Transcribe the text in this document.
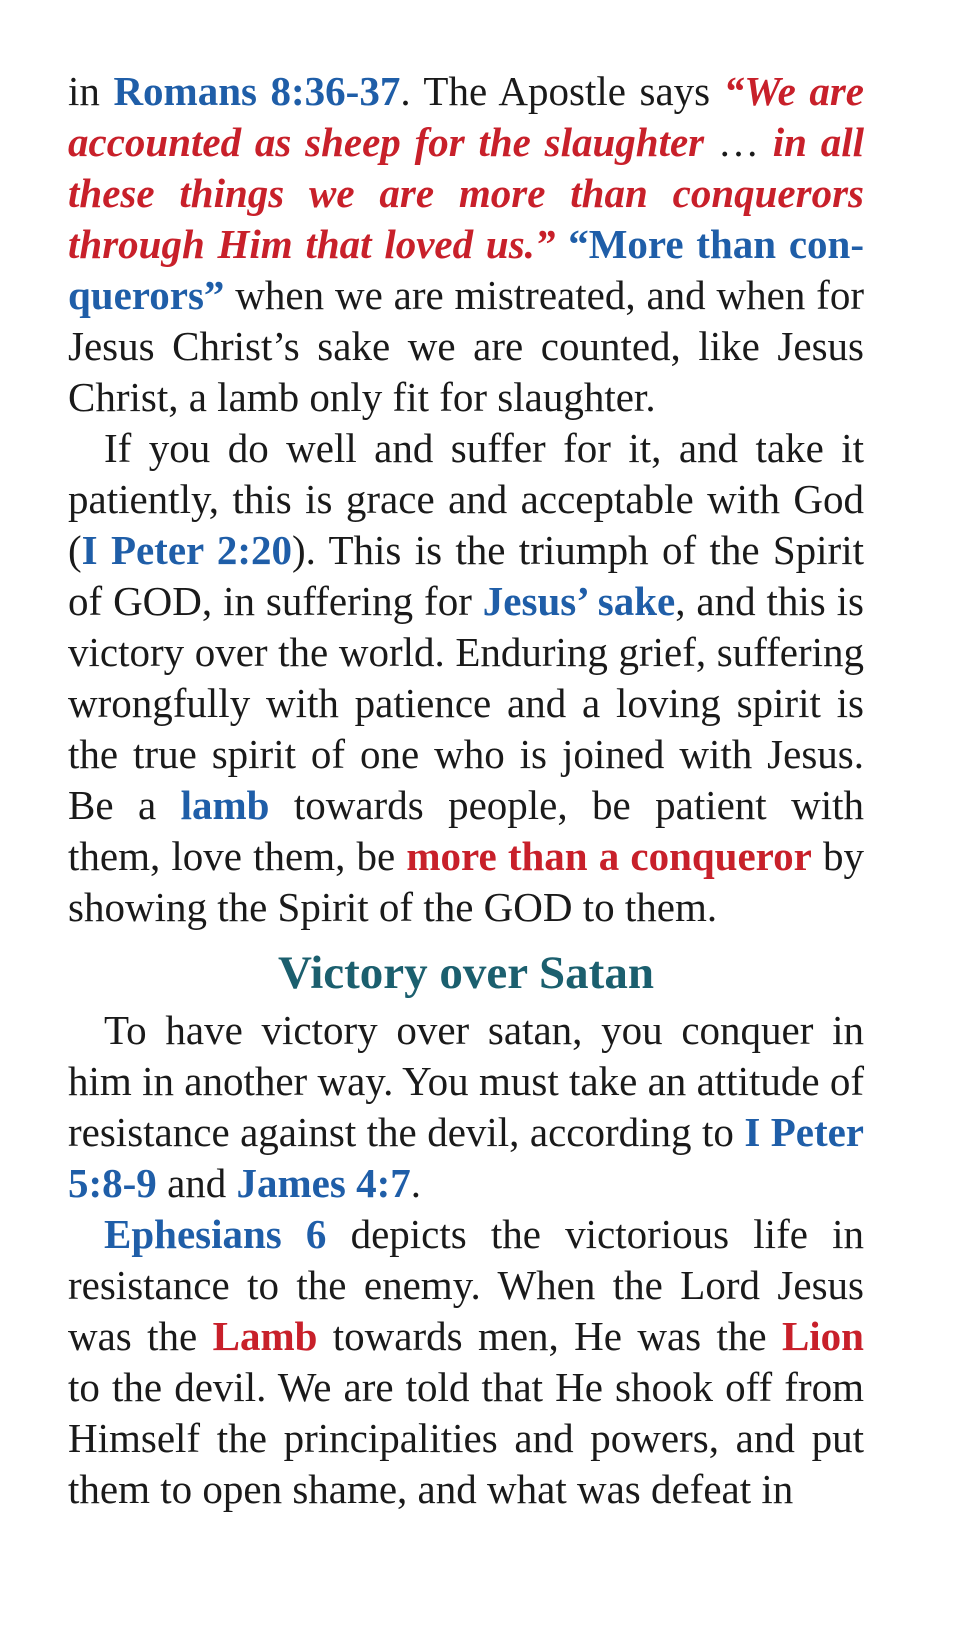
in Romans 8:36-37. The Apostle says “We are accounted as sheep for the slaughter … in all these things we are more than conquerors through Him that loved us.” “More than conquerors” when we are mistreated, and when for Jesus Christ’s sake we are counted, like Jesus Christ, a lamb only fit for slaughter.

If you do well and suffer for it, and take it patiently, this is grace and acceptable with God (I Peter 2:20). This is the triumph of the Spirit of GOD, in suffering for Jesus’ sake, and this is victory over the world. Enduring grief, suffering wrongfully with patience and a loving spirit is the true spirit of one who is joined with Jesus. Be a lamb towards people, be patient with them, love them, be more than a conqueror by showing the Spirit of the GOD to them.

Victory over Satan

To have victory over satan, you conquer in him in another way. You must take an attitude of resistance against the devil, according to I Peter 5:8-9 and James 4:7.

Ephesians 6 depicts the victorious life in resistance to the enemy. When the Lord Jesus was the Lamb towards men, He was the Lion to the devil. We are told that He shook off from Himself the principalities and powers, and put them to open shame, and what was defeat in
